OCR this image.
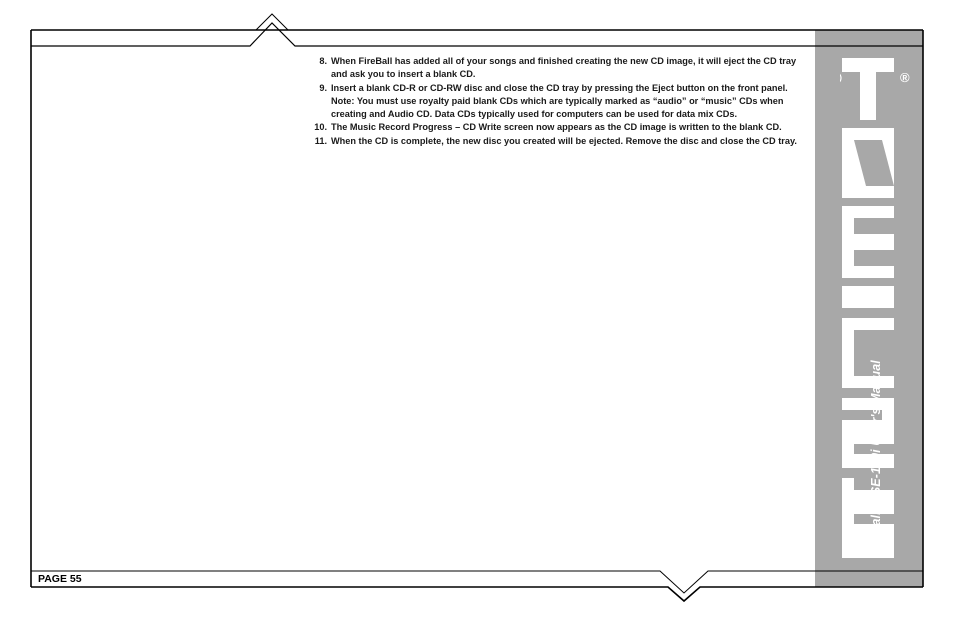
®
FireBall™ SE-160i User's Manual
8. When FireBall has added all of your songs and finished creating the new CD image, it will eject the CD tray and ask you to insert a blank CD.
9. Insert a blank CD-R or CD-RW disc and close the CD tray by pressing the Eject button on the front panel. Note: You must use royalty paid blank CDs which are typically marked as “audio” or “music” CDs when creating and Audio CD. Data CDs typically used for computers can be used for data mix CDs.
10. The Music Record Progress – CD Write screen now appears as the CD image is written to the blank CD.
11. When the CD is complete, the new disc you created will be ejected. Remove the disc and close the CD tray.
PAGE 55
